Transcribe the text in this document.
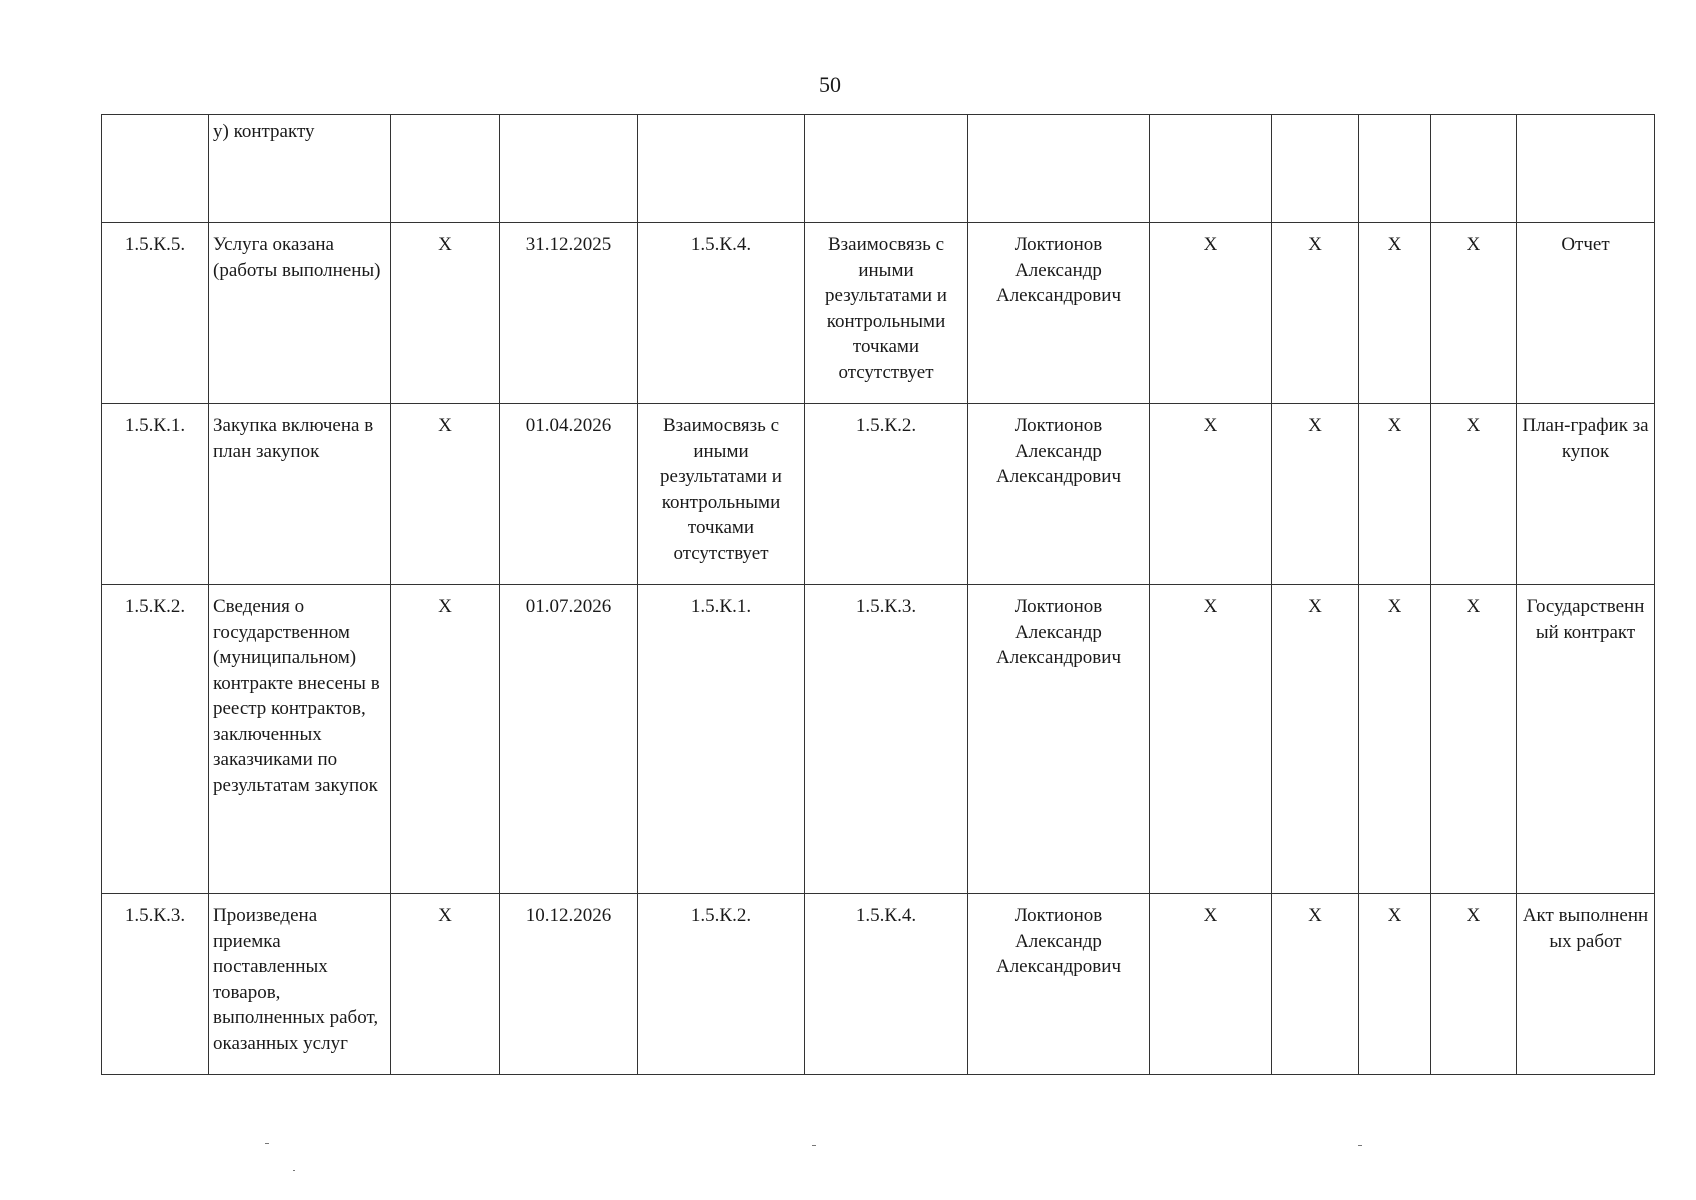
50
	у) контракту										
1.5.К.5.	Услуга оказана (работы выполнены)	Х	31.12.2025	1.5.К.4.	Взаимосвязь с иными результатами и контрольными точками отсутствует	Локтионов Александр Александрович	Х	Х	Х	Х	Отчет
1.5.К.1.	Закупка включена в план закупок	Х	01.04.2026	Взаимосвязь с иными результатами и контрольными точками отсутствует	1.5.К.2.	Локтионов Александр Александрович	Х	Х	Х	Х	План-график закупок
1.5.К.2.	Сведения о государственном (муниципальном) контракте внесены в реестр контрактов, заключенных заказчиками по результатам закупок	Х	01.07.2026	1.5.К.1.	1.5.К.3.	Локтионов Александр Александрович	Х	Х	Х	Х	Государственный контракт
1.5.К.3.	Произведена приемка поставленных товаров, выполненных работ, оказанных услуг	Х	10.12.2026	1.5.К.2.	1.5.К.4.	Локтионов Александр Александрович	Х	Х	Х	Х	Акт выполненных работ
